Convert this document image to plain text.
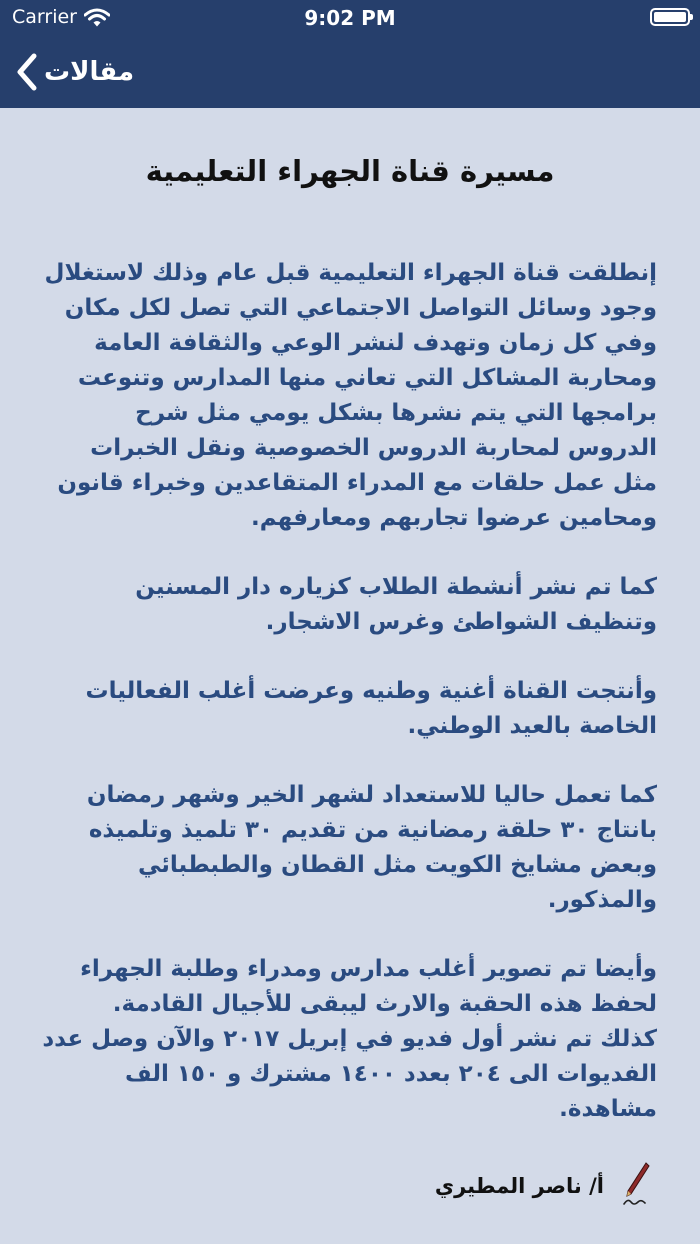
Carrier	9:02 PM
مقالات
مسيرة قناة الجهراء التعليمية

إنطلقت قناة الجهراء التعليمية قبل عام وذلك لاستغلال وجود وسائل التواصل الاجتماعي التي تصل لكل مكان وفي كل زمان وتهدف لنشر الوعي والثقافة العامة ومحاربة المشاكل التي تعاني منها المدارس وتنوعت برامجها التي يتم نشرها بشكل يومي مثل شرح الدروس لمحاربة الدروس الخصوصية ونقل الخبرات مثل عمل حلقات مع المدراء المتقاعدين وخبراء قانون ومحامين عرضوا تجاربهم ومعارفهم.

كما تم نشر أنشطة الطلاب كزياره دار المسنين وتنظيف الشواطئ وغرس الاشجار.

وأنتجت القناة أغنية وطنيه وعرضت أغلب الفعاليات الخاصة بالعيد الوطني.

كما تعمل حاليا للاستعداد لشهر الخير وشهر رمضان بانتاج ٣٠ حلقة رمضانية من تقديم ٣٠ تلميذ وتلميذه وبعض مشايخ الكويت مثل القطان والطبطبائي والمذكور.

وأيضا تم تصوير أغلب مدارس ومدراء وطلبة الجهراء لحفظ هذه الحقبة والارث ليبقى للأجيال القادمة.

كذلك تم نشر أول فديو في إبريل ٢٠١٧ والآن وصل عدد الفديوات الى ٢٠٤ بعدد ١٤٠٠ مشترك و ١٥٠ الف مشاهدة.

أ/ ناصر المطيري
